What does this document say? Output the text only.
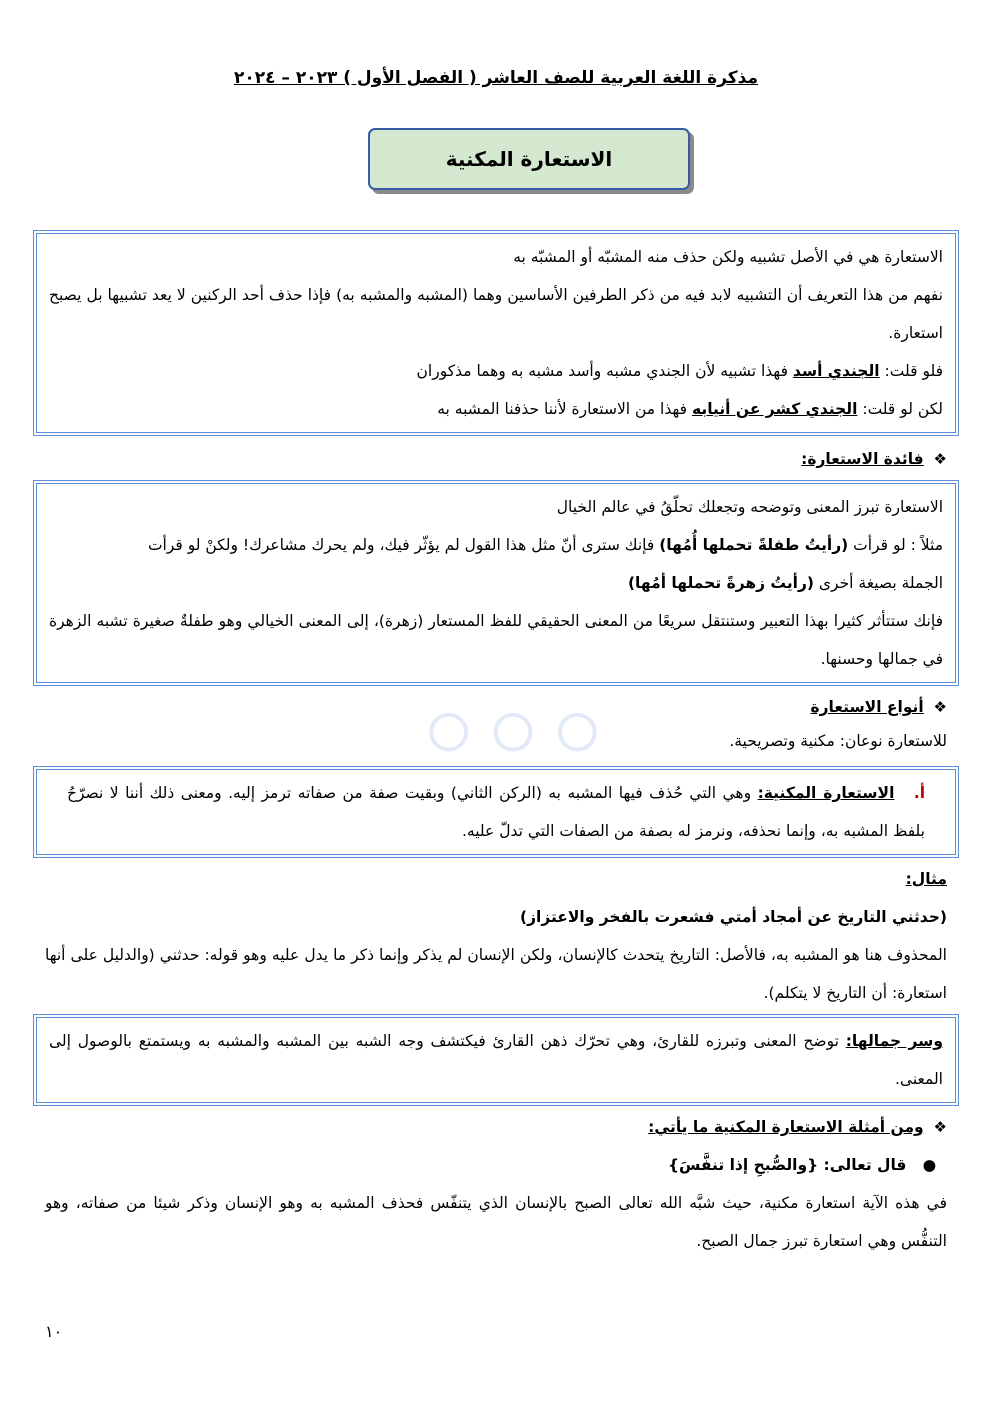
◦◦◦
مذكرة اللغة العربية للصف العاشر ( الفصل الأول ) ٢٠٢٣ – ٢٠٢٤
الاستعارة المكنية

الاستعارة هي في الأصل تشبيه ولكن حذف منه المشبّه أو المشبّه به

نفهم من هذا التعريف أن التشبيه لابد فيه من ذكر الطرفين الأساسين وهما (المشبه والمشبه به) فإذا حذف أحد الركنين لا يعد تشبيها بل يصبح استعارة.

فلو قلت: الجندي أسد فهذا تشبيه لأن الجندي مشبه وأسد مشبه به وهما مذكوران

لكن لو قلت: الجندي كشر عن أنيابه فهذا من الاستعارة لأننا حذفنا المشبه به

❖  فائدة الاستعارة:

الاستعارة تبرز المعنى وتوضحه وتجعلك تحلّقُ في عالم الخيال

مثلاً : لو قرأت (رأيتُ طفلةً تحملها أُمُها) فإنك سترى أنّ مثل هذا القول لم يؤثّر فيك، ولم يحرك مشاعرك! ولكنْ لو قرأت

الجملة بصيغة أخرى (رأيتُ زهرةً تحملها أمُها)

فإنك ستتأثر كثيرا بهذا التعبير وستنتقل سريعًا من المعنى الحقيقي للفظ المستعار (زهرة)، إلى المعنى الخيالي وهو طفلةٌ صغيرة تشبه الزهرة في جمالها وحسنها.

❖  أنواع الاستعارة

للاستعارة نوعان: مكنية وتصريحية.

أ.   الاستعارة المكنية: وهي التي حُذف فيها المشبه به (الركن الثاني) وبقيت صفة من صفاته ترمز إليه. ومعنى ذلك أننا لا نصرّحُ بلفظ المشبه به، وإنما نحذفه، ونرمز له بصفة من الصفات التي تدلّ عليه.

مثال:

(حدثني التاريخ عن أمجاد أمتي فشعرت بالفخر والاعتزاز)

المحذوف هنا هو المشبه به، فالأصل: التاريخ يتحدث كالإنسان، ولكن الإنسان لم يذكر وإنما ذكر ما يدل عليه وهو قوله: حدثني (والدليل على أنها استعارة: أن التاريخ لا يتكلم).

وسر جمالها: توضح المعنى وتبرزه للقارئ، وهي تحرّك ذهن القارئ فيكتشف وجه الشبه بين المشبه والمشبه به ويستمتع بالوصول إلى المعنى.

❖  ومن أمثلة الاستعارة المكنية ما يأتي:

●   قال تعالى: {والصُّبحِ إذا تنفَّسَ}

في هذه الآية استعارة مكنية، حيث شبَّه الله تعالى الصبح بالإنسان الذي يتنفّس فحذف المشبه به وهو الإنسان وذكر شيئا من صفاته، وهو التنفُّس وهي استعارة تبرز جمال الصبح.

١٠
